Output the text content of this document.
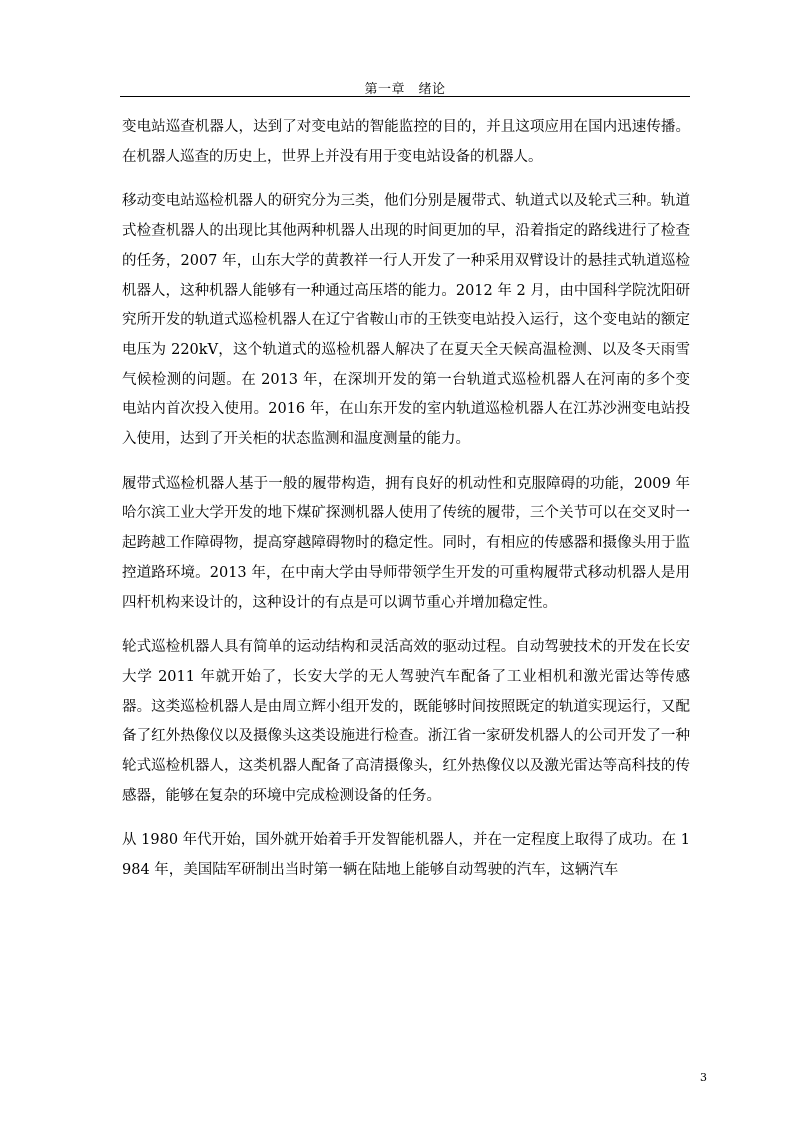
第一章　绪论

变电站巡查机器人，达到了对变电站的智能监控的目的，并且这项应用在国内迅速传播。在机器人巡查的历史上，世界上并没有用于变电站设备的机器人。

移动变电站巡检机器人的研究分为三类，他们分别是履带式、轨道式以及轮式三种。轨道式检查机器人的出现比其他两种机器人出现的时间更加的早，沿着指定的路线进行了检查的任务，2007 年，山东大学的黄教祥一行人开发了一种采用双臂设计的悬挂式轨道巡检机器人，这种机器人能够有一种通过高压塔的能力。2012 年 2 月，由中国科学院沈阳研究所开发的轨道式巡检机器人在辽宁省鞍山市的王铁变电站投入运行，这个变电站的额定电压为 220kV，这个轨道式的巡检机器人解决了在夏天全天候高温检测、以及冬天雨雪气候检测的问题。在 2013 年，在深圳开发的第一台轨道式巡检机器人在河南的多个变电站内首次投入使用。2016 年，在山东开发的室内轨道巡检机器人在江苏沙洲变电站投入使用，达到了开关柜的状态监测和温度测量的能力。

履带式巡检机器人基于一般的履带构造，拥有良好的机动性和克服障碍的功能，2009 年哈尔滨工业大学开发的地下煤矿探测机器人使用了传统的履带，三个关节可以在交叉时一起跨越工作障碍物，提高穿越障碍物时的稳定性。同时，有相应的传感器和摄像头用于监控道路环境。2013 年，在中南大学由导师带领学生开发的可重构履带式移动机器人是用四杆机构来设计的，这种设计的有点是可以调节重心并增加稳定性。

轮式巡检机器人具有简单的运动结构和灵活高效的驱动过程。自动驾驶技术的开发在长安大学 2011 年就开始了，长安大学的无人驾驶汽车配备了工业相机和激光雷达等传感器。这类巡检机器人是由周立辉小组开发的，既能够时间按照既定的轨道实现运行，又配备了红外热像仪以及摄像头这类设施进行检查。浙江省一家研发机器人的公司开发了一种轮式巡检机器人，这类机器人配备了高清摄像头，红外热像仪以及激光雷达等高科技的传感器，能够在复杂的环境中完成检测设备的任务。

从 1980 年代开始，国外就开始着手开发智能机器人，并在一定程度上取得了成功。在 1984 年，美国陆军研制出当时第一辆在陆地上能够自动驾驶的汽车，这辆汽车

3
